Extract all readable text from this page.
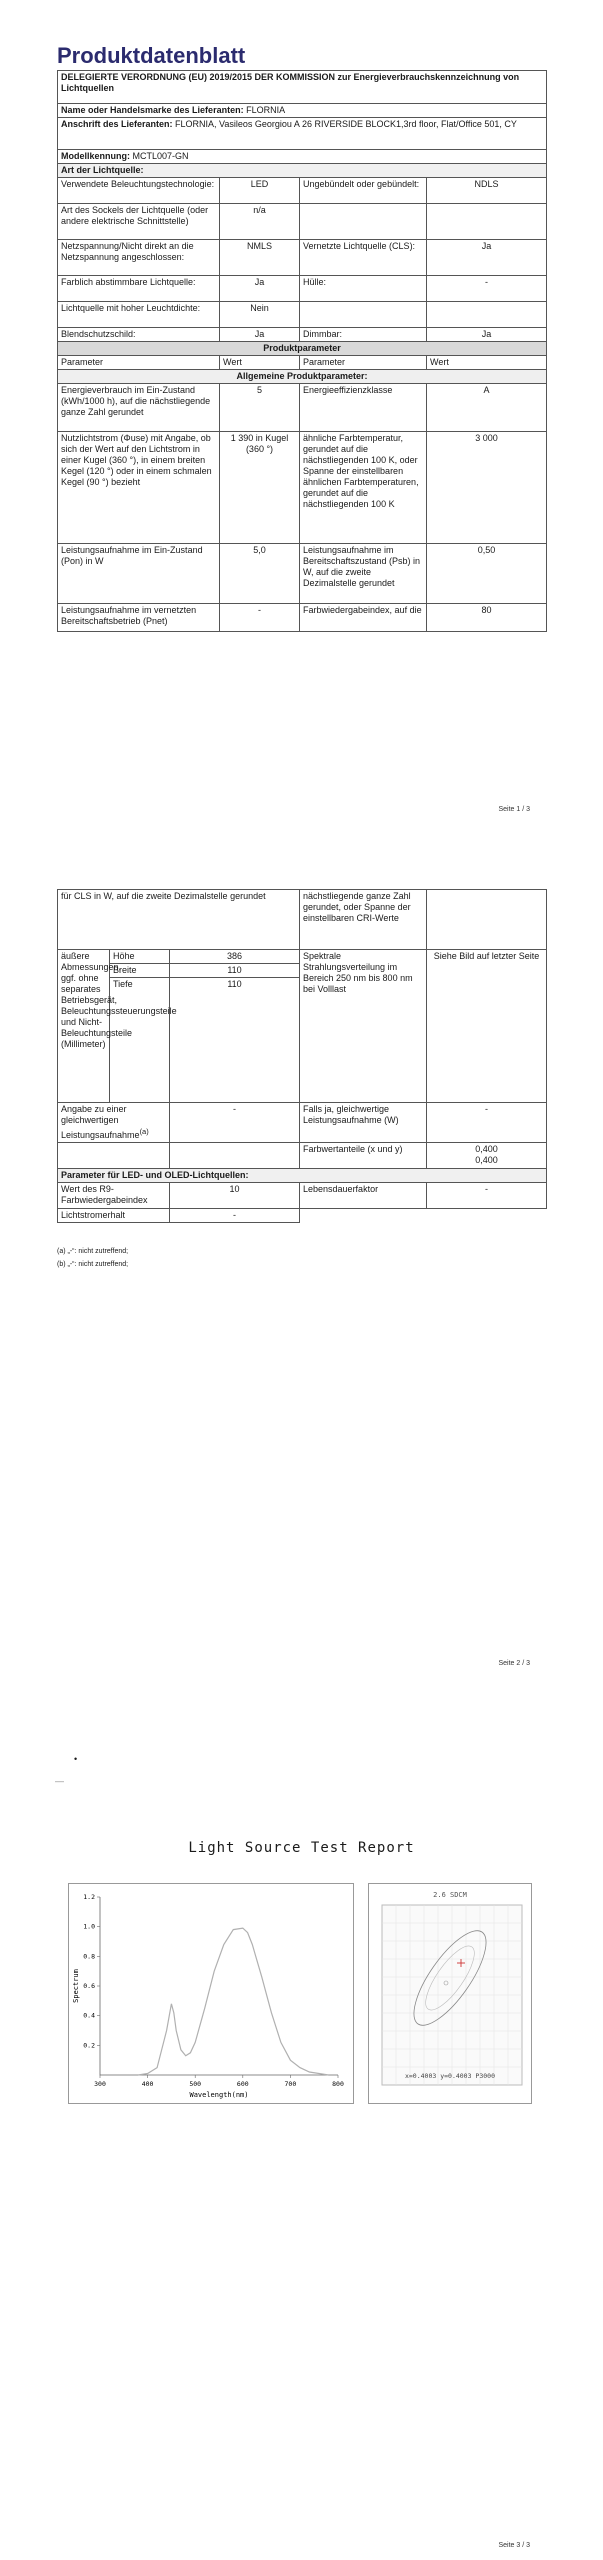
Produktdatenblatt
DELEGIERTE VERORDNUNG (EU) 2019/2015 DER KOMMISSION zur Energieverbrauchskennzeichnung von Lichtquellen			
Name oder Handelsmarke des Lieferanten: FLORNIA			
Anschrift des Lieferanten: FLORNIA, Vasileos Georgiou A 26 RIVERSIDE BLOCK1,3rd floor, Flat/Office 501, CY			
Modellkennung: MCTL007-GN			
Art der Lichtquelle:			
Verwendete Beleuchtungstechnologie:	LED	Ungebündelt oder gebündelt:	NDLS
Art des Sockels der Lichtquelle (oder andere elektrische Schnittstelle)	n/a		
Netzspannung/Nicht direkt an die Netzspannung angeschlossen:	NMLS	Vernetzte Lichtquelle (CLS):	Ja
Farblich abstimmbare Lichtquelle:	Ja	Hülle:	-
Lichtquelle mit hoher Leuchtdichte:	Nein		
Blendschutzschild:	Ja	Dimmbar:	Ja
Produktparameter			
Parameter	Wert	Parameter	Wert
Allgemeine Produktparameter:			
Energieverbrauch im Ein-Zustand (kWh/1000 h), auf die nächstliegende ganze Zahl gerundet	5	Energieeffizienzklasse	A
Nutzlichtstrom (Φuse) mit Angabe, ob sich der Wert auf den Lichtstrom in einer Kugel (360 °), in einem breiten Kegel (120 °) oder in einem schmalen Kegel (90 °) bezieht	1 390 in Kugel (360 °)	ähnliche Farbtemperatur, gerundet auf die nächstliegenden 100 K, oder Spanne der einstellbaren ähnlichen Farbtemperaturen, gerundet auf die nächstliegenden 100 K	3 000
Leistungsaufnahme im Ein-Zustand (Pon) in W	5,0	Leistungsaufnahme im Bereitschaftszustand (Psb) in W, auf die zweite Dezimalstelle gerundet	0,50
Leistungsaufnahme im vernetzten Bereitschaftsbetrieb (Pnet)	-	Farbwiedergabeindex, auf die	80
Seite 1 / 3
für CLS in W, auf die zweite Dezimalstelle gerundet			nächstliegende ganze Zahl gerundet, oder Spanne der einstellbaren CRI-Werte	
äußere Abmessungen, ggf. ohne separates Betriebsgerät, Beleuchtungssteuerungsteile und Nicht-Beleuchtungsteile (Millimeter)	Höhe	386	Spektrale Strahlungsverteilung im Bereich 250 nm bis 800 nm bei Volllast	Siehe Bild auf letzter Seite
	Breite	110		
	Tiefe	110		
Angabe zu einer gleichwertigen Leistungsaufnahme$^{(a)}$		-	Falls ja, gleichwertige Leistungsaufnahme (W)	-
			Farbwertanteile (x und y)	0,400
0,400
Parameter für LED- und OLED-Lichtquellen:				
Wert des R9-Farbwiedergabeindex		10	Lebensdauerfaktor	-
Lichtstromerhalt		-		
(a) „-“: nicht zutreffend;
(b) „-“: nicht zutreffend;
Seite 2 / 3
•
—
Light Source Test Report
300	400	500	600	700	800
0.2
0.4
0.6
0.8
1.0
1.2
Wavelength(nm)
Spectrum
2.6 SDCM
x=0.4003 y=0.4003 P3000
Seite 3 / 3
